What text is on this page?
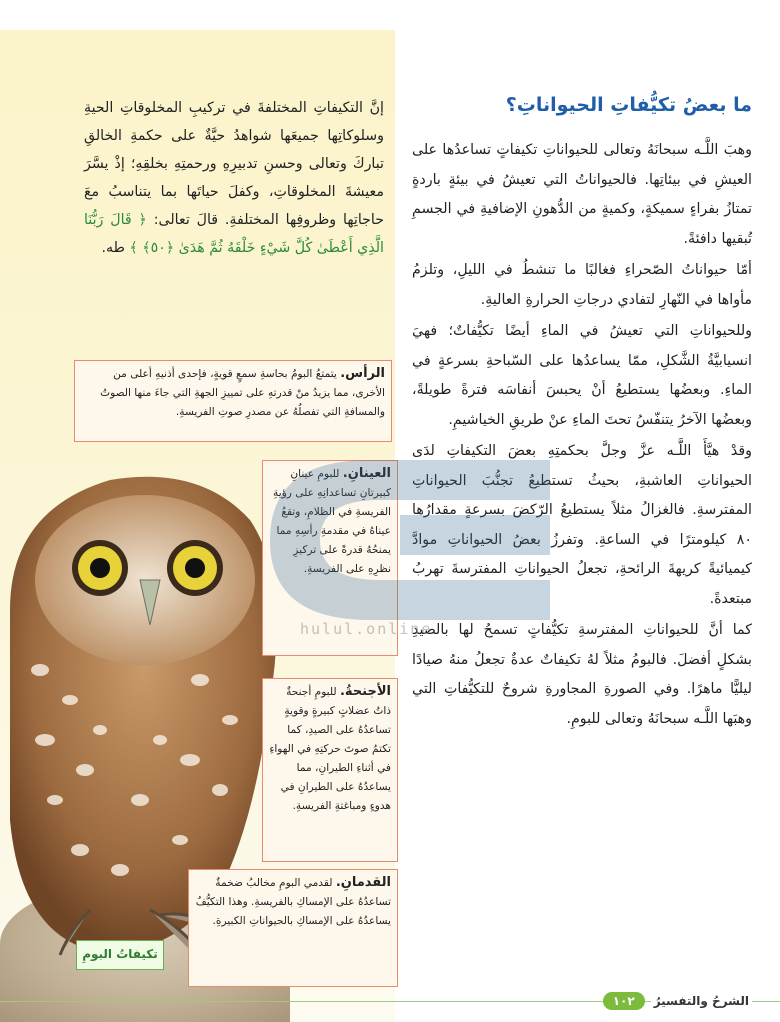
ما بعضُ تكيُّفاتِ الحيواناتِ؟

وهبَ اللَّـه سبحانَهُ وتعالى للحيواناتِ تكيفاتٍ تساعدُها على العيشِ في بيئاتِها. فالحيواناتُ التي تعيشُ في بيئةٍ باردةٍ تمتازُ بفراءٍ سميكةٍ، وكميةٍ من الدُّهونِ الإضافيةِ في الجسمِ تُبقيها دافئةً.

أمّا حيواناتُ الصّحراءِ فغالبًا ما تنشطُ في الليلِ، وتلزمُ مأواها في النّهارِ لتفادي درجاتِ الحرارةِ العاليةِ.

وللحيواناتِ التي تعيشُ في الماءِ أيضًا تكيُّفاتٌ؛ فهيَ انسيابيَّةُ الشَّكلِ، ممّا يساعدُها على السّباحةِ بسرعةٍ في الماءِ. وبعضُها يستطيعُ أنْ يحبسَ أنفاسَه فترةً طويلةً، وبعضُها الآخرُ يتنفّسُ تحتَ الماءِ عنْ طريقِ الخياشيمِ.

وقدْ هيَّأَ اللَّـه عزَّ وجلَّ بحكمتِهِ بعضَ التكيفاتِ لدَى الحيواناتِ العاشبةِ، بحيثُ تستطيعُ تجنُّبَ الحيواناتِ المفترسةِ. فالغزالُ مثلاً يستطيعُ الرّكضَ بسرعةٍ مقدارُها ٨٠ كيلومترًا في الساعةِ. وتفرزُ بعضُ الحيواناتِ موادَّ كيميائيةً كريهةَ الرائحةِ، تجعلُ الحيواناتِ المفترسةَ تهربُ مبتعدةً.

كما أنَّ للحيواناتِ المفترسةِ تكيُّفاتٍ تسمحُ لها بالصيدِ بشكلٍ أفضلَ. فالبومُ مثلاً لهُ تكيفاتٌ عدةٌ تجعلُ منهُ صيادًا ليليًّا ماهرًا. وفي الصورةِ المجاورةِ شروحٌ للتكيُّفاتِ التي وهبَها اللَّـه سبحانَهُ وتعالى للبومِ.

إنَّ التكيفاتِ المختلفةَ في تركيبِ المخلوقاتِ الحيةِ وسلوكاتِها جميعَها شواهدُ حيَّةٌ على حكمةِ الخالقِ تباركَ وتعالى وحسنِ تدبيرِهِ ورحمتِهِ بخلقِهِ؛ إذْ يسَّرَ معيشةَ المخلوقاتِ، وكفلَ حياتَها بما يتناسبُ معَ حاجاتِها وظروفِها المختلفةِ. قالَ تعالى: ﴿ قَالَ رَبُّنَا الَّذِي أَعْطَىٰ كُلَّ شَيْءٍ خَلْقَهُ ثُمَّ هَدَىٰ ﴿٥٠﴾ ﴾ طه.
الرأس. يتمتعُ البومُ بحاسةِ سمعٍ قويةٍ، فإحدى أذنيهِ أعلى من الأخرى، مما يزيدُ منْ قدرتهِ على تمييزِ الجهةِ التي جاءَ منها الصوتُ والمسافةِ التي تفصلُهُ عن مصدرِ صوتِ الفريسةِ.
العينانِ. للبومِ عينانِ كبيرتانِ تساعدانِهِ على رؤيةِ الفريسةِ في الظلامِ، وتقعُ عيناهُ في مقدمةِ رأسِهِ مما يمنحُهُ قدرةً على تركيزِ نظرِهِ على الفريسةِ.
الأجنحةُ. للبومِ أجنحةٌ ذاتُ عضلاتٍ كبيرةٍ وقويةٍ تساعدُهُ على الصيدِ، كما تكتمُ صوتَ حركتِهِ في الهواءِ في أثناءِ الطيرانِ، مما يساعدُهُ على الطيرانِ في هدوءٍ ومباغتةِ الفريسةِ.
القدمانِ. لقدمي البومِ مخالبُ ضخمةٌ تساعدُهُ على الإمساكِ بالفريسةِ. وهذا التكيُّفُ يساعدُهُ على الإمساكِ بالحيواناتِ الكبيرةِ.
تكيفاتُ البومِ
hulul.online
الشرحُ والتفسيرُ
١٠٢
